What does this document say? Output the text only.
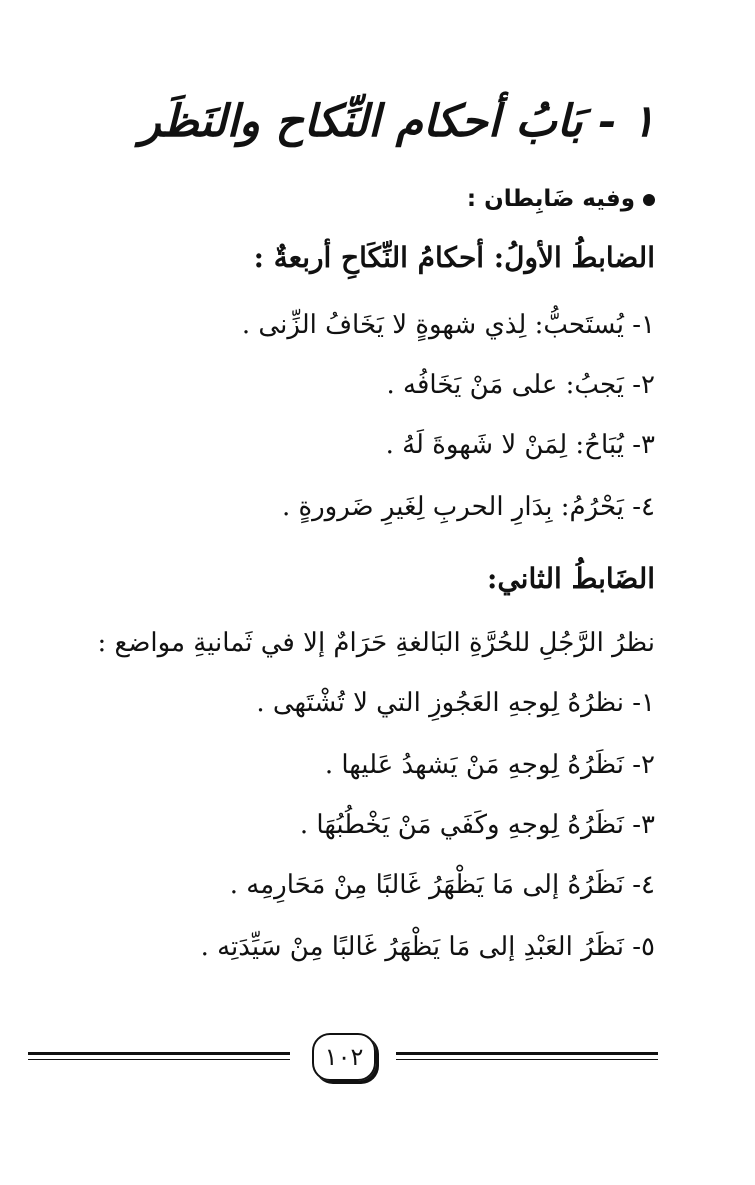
١ - بَابُ أحكام النِّكاح والنَظَر
وفيه ضَابِطان :
الضابطُ الأولُ: أحكامُ النِّكَاحِ أربعةٌ :
١- يُستَحبُّ: لِذي شهوةٍ لا يَخَافُ الزِّنى .
٢- يَجبُ: على مَنْ يَخَافُه .
٣- يُبَاحُ: لِمَنْ لا شَهوةَ لَهُ .
٤- يَحْرُمُ: بِدَارِ الحربِ لِغَيرِ ضَرورةٍ .
الضَابطُ الثاني:
نظرُ الرَّجُلِ للحُرَّةِ البَالغةِ حَرَامٌ إلا في ثَمانيةِ مواضع :
١- نظرُهُ لِوجهِ العَجُوزِ التي لا تُشْتَهى .
٢- نَظَرُهُ لِوجهِ مَنْ يَشهدُ عَليها .
٣- نَظَرُهُ لِوجهِ وكَفَي مَنْ يَخْطُبُهَا .
٤- نَظَرُهُ إلى مَا يَظْهَرُ غَالبًا مِنْ مَحَارِمِه .
٥- نَظَرُ العَبْدِ إلى مَا يَظْهَرُ غَالبًا مِنْ سَيِّدَتِه .
١٠٢
